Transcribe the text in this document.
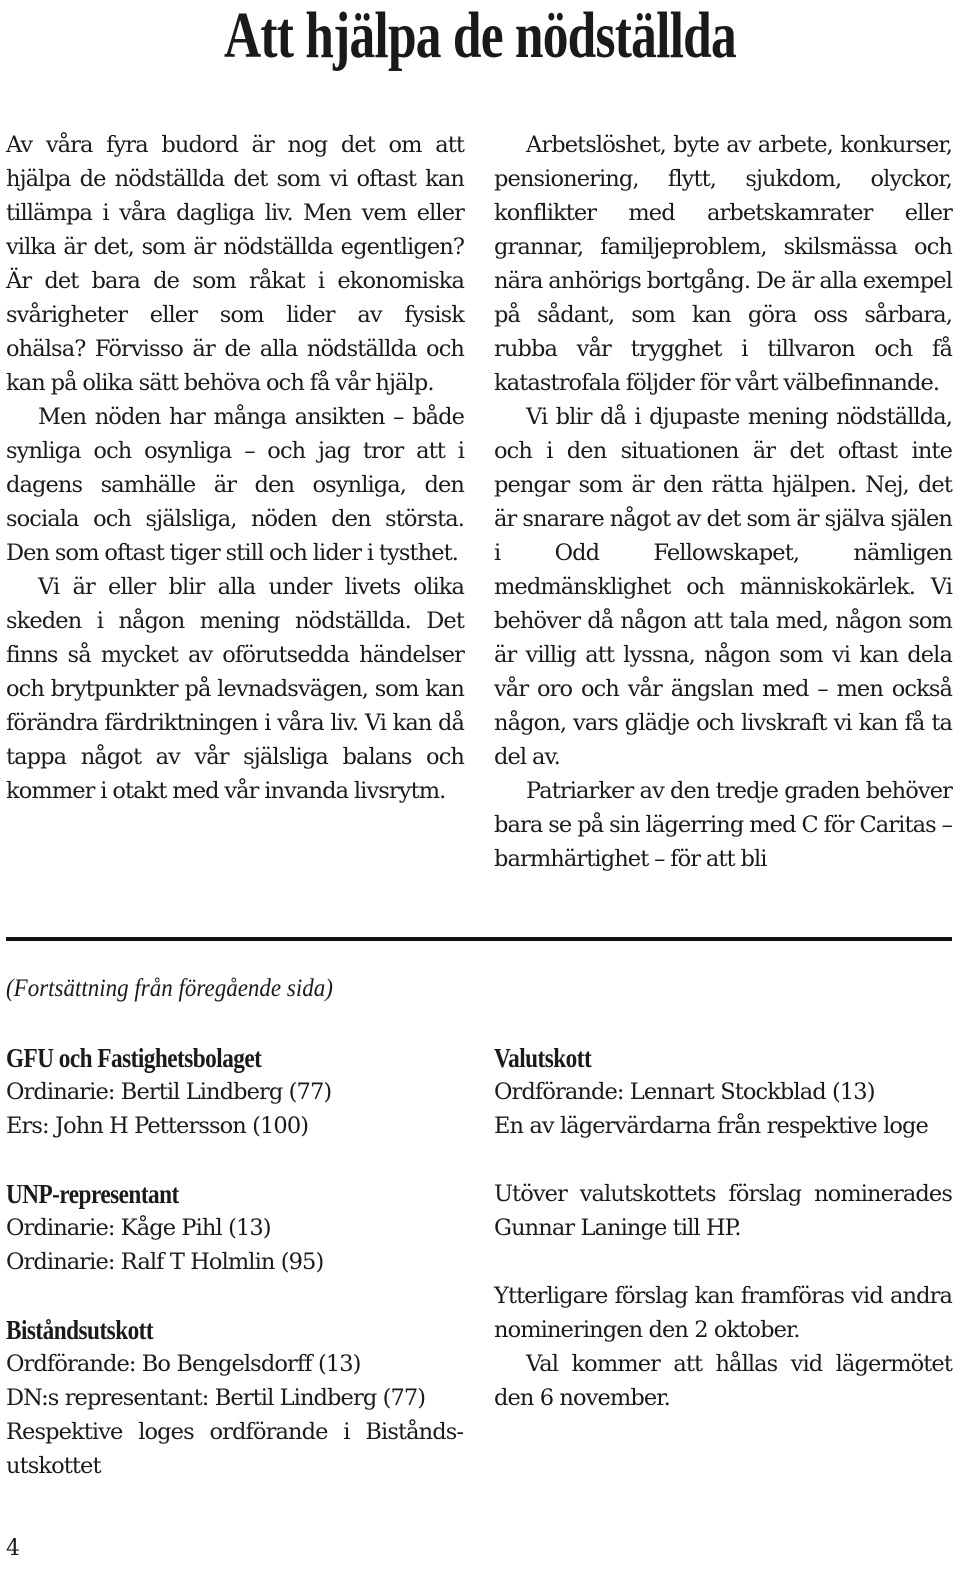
Att hjälpa de nödställda

Av våra fyra budord är nog det om att hjälpa de nödställda det som vi oftast kan tillämpa i våra dagliga liv. Men vem eller vilka är det, som är nödställda egentligen? Är det bara de som råkat i ekonomiska svårigheter eller som lider av fysisk ohälsa? Förvisso är de alla nödställda och kan på olika sätt behöva och få vår hjälp.

Men nöden har många ansikten – både synliga och osynliga – och jag tror att i dagens samhälle är den osynliga, den sociala och själsliga, nöden den största. Den som oftast tiger still och lider i tysthet.

Vi är eller blir alla under livets olika skeden i någon mening nödställda. Det finns så mycket av oförutsedda händelser och brytpunkter på levnadsvägen, som kan förändra färdriktningen i våra liv. Vi kan då tappa något av vår själsliga balans och kommer i otakt med vår invanda livsrytm.

Arbetslöshet, byte av arbete, konkurser, pensionering, flytt, sjukdom, olyckor, konflikter med arbetskamrater eller grannar, familjeproblem, skilsmässa och nära anhörigs bortgång. De är alla exempel på sådant, som kan göra oss sårbara, rubba vår trygghet i tillvaron och få katastrofala följder för vårt välbefinnande.

Vi blir då i djupaste mening nödställda, och i den situationen är det oftast inte pengar som är den rätta hjälpen. Nej, det är snarare något av det som är själva själen i Odd Fellowskapet, nämligen medmänsklighet och människokärlek. Vi behöver då någon att tala med, någon som är villig att lyssna, någon som vi kan dela vår oro och vår ängslan med – men också någon, vars glädje och livskraft vi kan få ta del av.

Patriarker av den tredje graden behöver bara se på sin lägerring med C för Caritas – barmhärtighet – för att bli

(Fortsättning från föregående sida)
GFU och Fastighetsbolaget
Ordinarie: Bertil Lindberg (77)
Ers: John H Pettersson (100)
UNP-representant
Ordinarie: Kåge Pihl (13)
Ordinarie: Ralf T Holmlin (95)
Biståndsutskott
Ordförande: Bo Bengelsdorff (13)
DN:s representant: Bertil Lindberg (77)
Respektive loges ordförande i Biståndsutskottet
Valutskott
Ordförande: Lennart Stockblad (13)
En av lägervärdarna från respektive loge

Utöver valutskottets förslag nominerades Gunnar Laninge till HP.

Ytterligare förslag kan framföras vid andra nomineringen den 2 oktober.

Val kommer att hållas vid lägermötet den 6 november.

4
